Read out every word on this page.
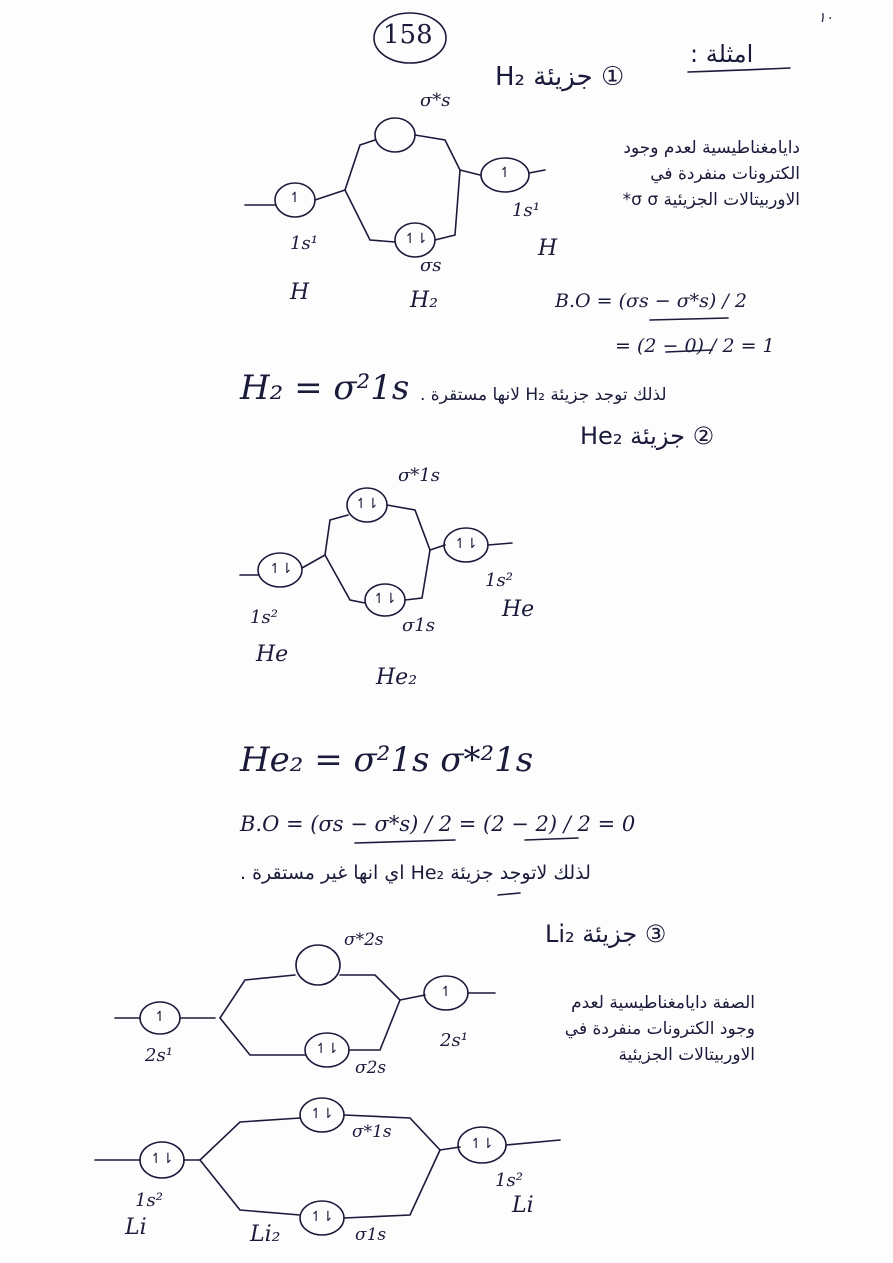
158
١٠
امثلة :
① جزيئة H₂
دايامغناطيسية لعدم وجود الكترونات منفردة في الاوربيتالات الجزيئية σ σ*
↿
↿⇂
↿
σ*s
σs
1s¹
1s¹
H	H₂
H
B.O = (σs − σ*s) / 2
= (2 − 0) / 2 = 1
H₂ = σ²1s لذلك توجد جزيئة H₂ لانها مستقرة .
② جزيئة He₂
↿⇂
↿⇂
↿⇂
↿⇂
σ*1s
σ1s
1s²
1s²
He
He
He₂
He₂ = σ²1s σ*²1s
B.O = (σs − σ*s) / 2 = (2 − 2) / 2 = 0
لذلك لاتوجد جزيئة He₂ اي انها غير مستقرة .
③ جزيئة Li₂
الصفة دايامغناطيسية لعدم وجود الكترونات منفردة في الاوربيتالات الجزيئية
↿
↿⇂
↿
σ*2s
σ2s
2s¹
2s¹
↿⇂
↿⇂
↿⇂
↿⇂
σ*1s
σ1s
1s²
1s²
Li
Li
Li₂
